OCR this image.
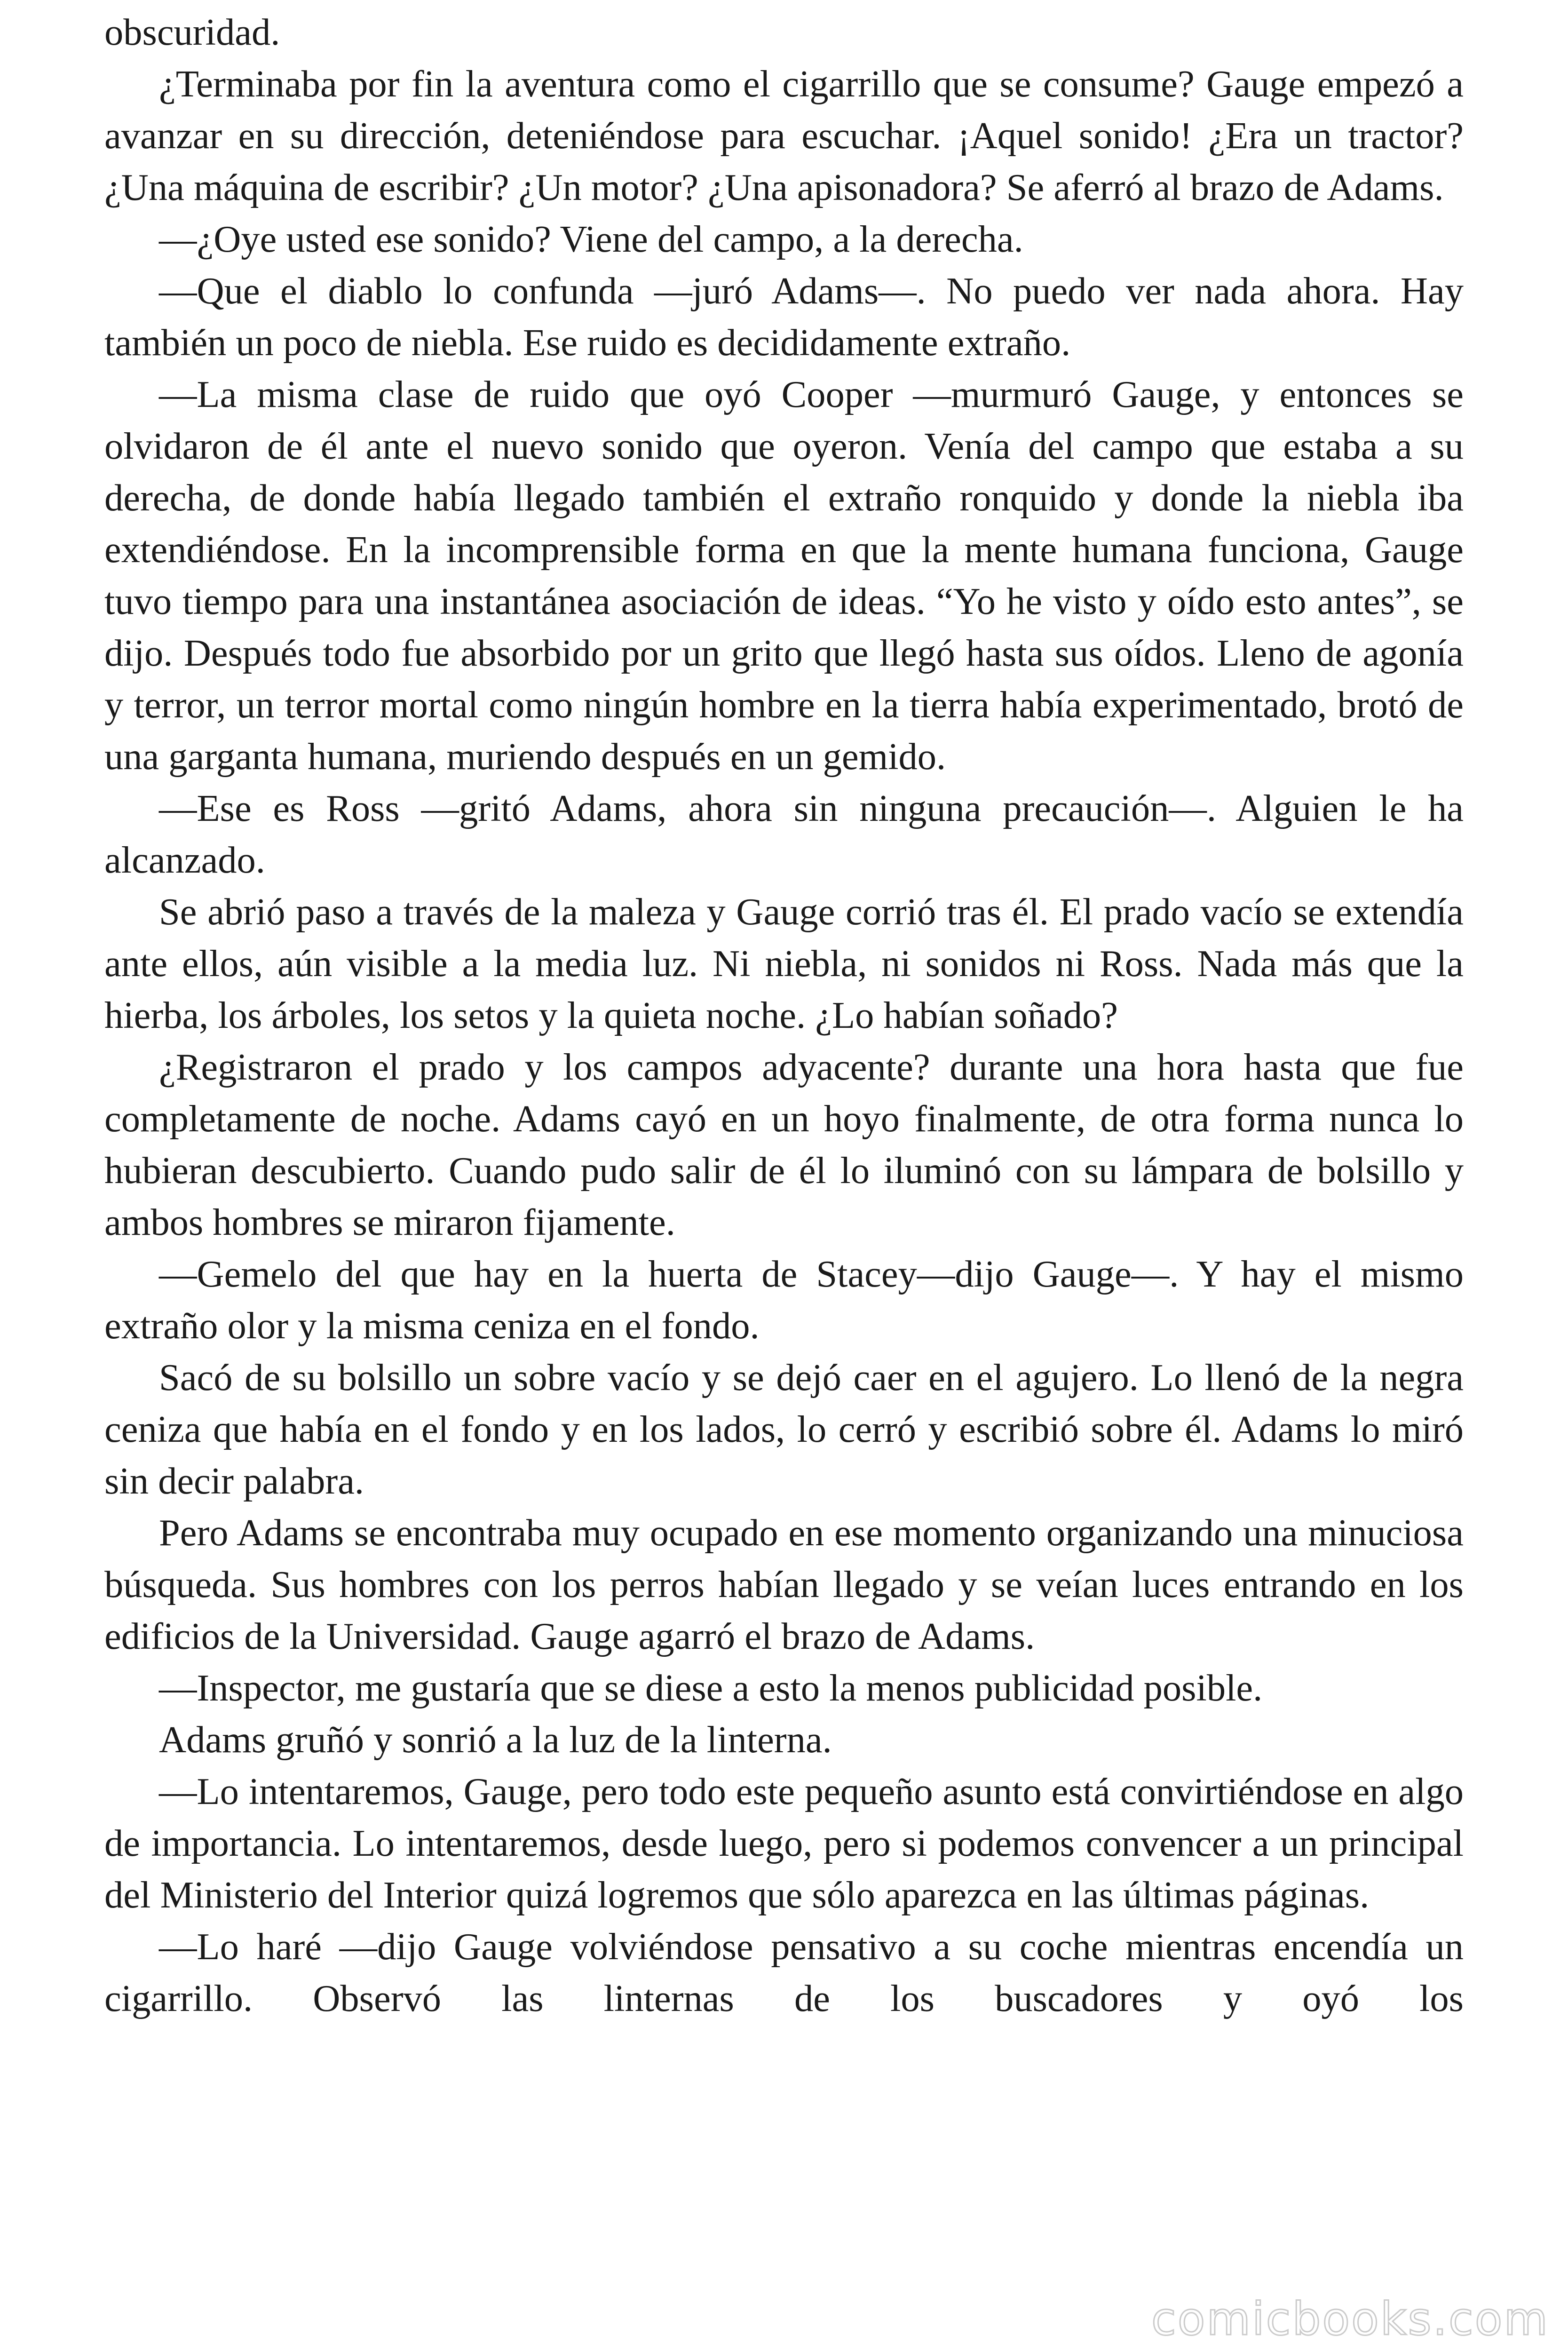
obscuridad.

¿Terminaba por fin la aventura como el cigarrillo que se consume? Gauge empezó a avanzar en su dirección, deteniéndose para escuchar. ¡Aquel sonido! ¿Era un tractor? ¿Una máquina de escribir? ¿Un motor? ¿Una apisonadora? Se aferró al brazo de Adams.

—¿Oye usted ese sonido? Viene del campo, a la derecha.

—Que el diablo lo confunda —juró Adams—. No puedo ver nada ahora. Hay también un poco de niebla. Ese ruido es decididamente extraño.

—La misma clase de ruido que oyó Cooper —murmuró Gauge, y entonces se olvidaron de él ante el nuevo sonido que oyeron. Venía del campo que estaba a su derecha, de donde había llegado también el extraño ronquido y donde la niebla iba extendiéndose. En la incomprensible forma en que la mente humana funciona, Gauge tuvo tiempo para una instantánea asociación de ideas. “Yo he visto y oído esto antes”, se dijo. Después todo fue absorbido por un grito que llegó hasta sus oídos. Lleno de agonía y terror, un terror mortal como ningún hombre en la tierra había experimentado, brotó de una garganta humana, muriendo después en un gemido.

—Ese es Ross —gritó Adams, ahora sin ninguna precaución—. Alguien le ha alcanzado.

Se abrió paso a través de la maleza y Gauge corrió tras él. El prado vacío se extendía ante ellos, aún visible a la media luz. Ni niebla, ni sonidos ni Ross. Nada más que la hierba, los árboles, los setos y la quieta noche. ¿Lo habían soñado?

¿Registraron el prado y los campos adyacente? durante una hora hasta que fue completamente de noche. Adams cayó en un hoyo finalmente, de otra forma nunca lo hubieran descubierto. Cuando pudo salir de él lo iluminó con su lámpara de bolsillo y ambos hombres se miraron fijamente.

—Gemelo del que hay en la huerta de Stacey—dijo Gauge—. Y hay el mismo extraño olor y la misma ceniza en el fondo.

Sacó de su bolsillo un sobre vacío y se dejó caer en el agujero. Lo llenó de la negra ceniza que había en el fondo y en los lados, lo cerró y escribió sobre él. Adams lo miró sin decir palabra.

Pero Adams se encontraba muy ocupado en ese momento organizando una minuciosa búsqueda. Sus hombres con los perros habían llegado y se veían luces entrando en los edificios de la Universidad. Gauge agarró el brazo de Adams.

—Inspector, me gustaría que se diese a esto la menos publicidad posible.

Adams gruñó y sonrió a la luz de la linterna.

—Lo intentaremos, Gauge, pero todo este pequeño asunto está convirtiéndose en algo de importancia. Lo intentaremos, desde luego, pero si podemos convencer a un principal del Ministerio del Interior quizá logremos que sólo aparezca en las últimas páginas.

—Lo haré —dijo Gauge volviéndose pensativo a su coche mientras encendía un cigarrillo. Observó las linternas de los buscadores y oyó los

comicbooks.com
